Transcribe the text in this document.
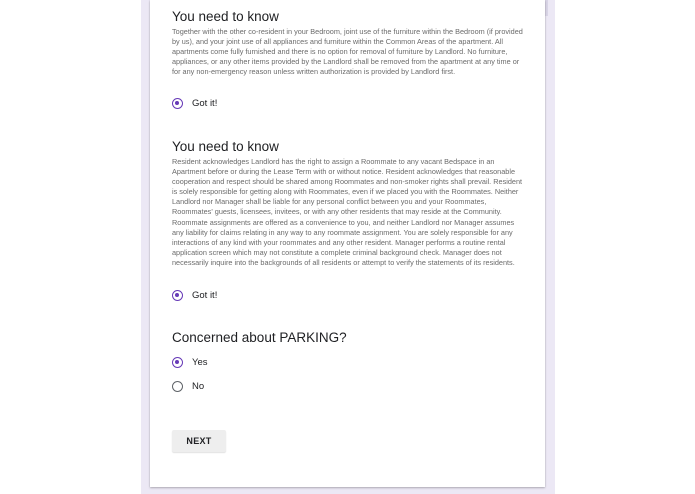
You need to know
Together with the other co-resident in your Bedroom, joint use of the furniture within the Bedroom (if provided by us), and your joint use of all appliances and furniture within the Common Areas of the apartment. All apartments come fully furnished and there is no option for removal of furniture by Landlord. No furniture, appliances, or any other items provided by the Landlord shall be removed from the apartment at any time or for any non-emergency reason unless written authorization is provided by Landlord first.
Got it!
You need to know
Resident acknowledges Landlord has the right to assign a Roommate to any vacant Bedspace in an Apartment before or during the Lease Term with or without notice. Resident acknowledges that reasonable cooperation and respect should be shared among Roommates and non-smoker rights shall prevail. Resident is solely responsible for getting along with Roommates, even if we placed you with the Roommates. Neither Landlord nor Manager shall be liable for any personal conflict between you and your Roommates, Roommates' guests, licensees, invitees, or with any other residents that may reside at the Community. Roommate assignments are offered as a convenience to you, and neither Landlord nor Manager assumes any liability for claims relating in any way to any roommate assignment. You are solely responsible for any interactions of any kind with your roommates and any other resident. Manager performs a routine rental application screen which may not constitute a complete criminal background check. Manager does not necessarily inquire into the backgrounds of all residents or attempt to verify the statements of its residents.
Got it!
Concerned about PARKING?
Yes
No
NEXT
